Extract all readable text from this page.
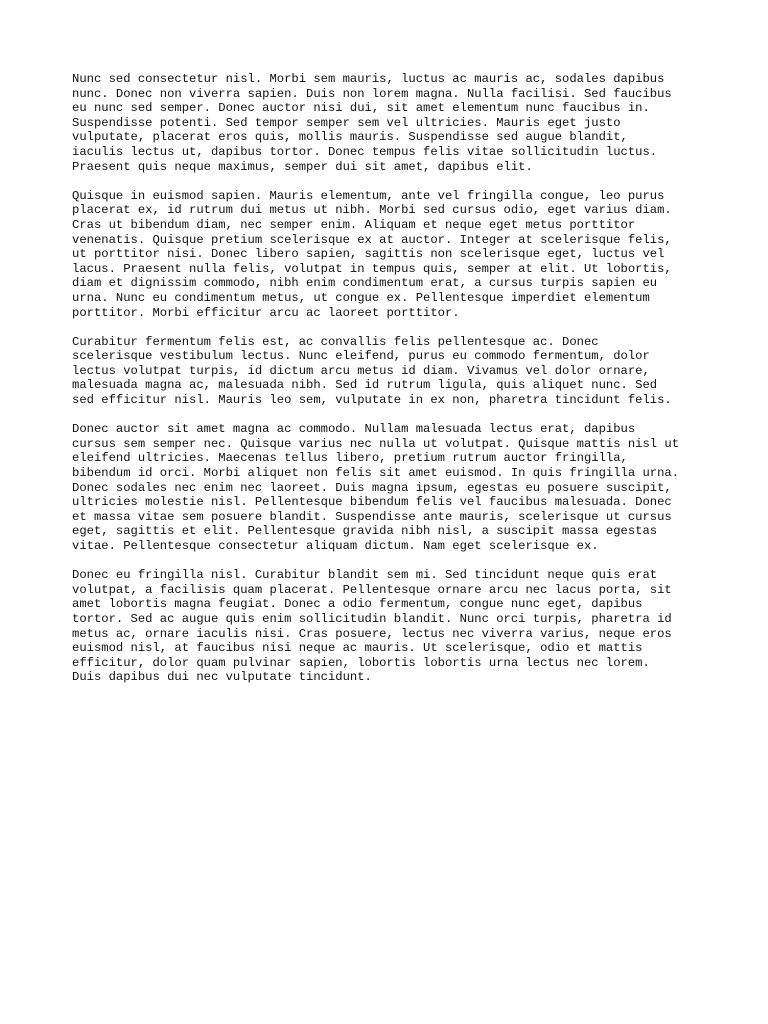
Nunc sed consectetur nisl. Morbi sem mauris, luctus ac mauris ac, sodales dapibus
nunc. Donec non viverra sapien. Duis non lorem magna. Nulla facilisi. Sed faucibus
eu nunc sed semper. Donec auctor nisi dui, sit amet elementum nunc faucibus in.
Suspendisse potenti. Sed tempor semper sem vel ultricies. Mauris eget justo
vulputate, placerat eros quis, mollis mauris. Suspendisse sed augue blandit,
iaculis lectus ut, dapibus tortor. Donec tempus felis vitae sollicitudin luctus.
Praesent quis neque maximus, semper dui sit amet, dapibus elit.

Quisque in euismod sapien. Mauris elementum, ante vel fringilla congue, leo purus
placerat ex, id rutrum dui metus ut nibh. Morbi sed cursus odio, eget varius diam.
Cras ut bibendum diam, nec semper enim. Aliquam et neque eget metus porttitor
venenatis. Quisque pretium scelerisque ex at auctor. Integer at scelerisque felis,
ut porttitor nisi. Donec libero sapien, sagittis non scelerisque eget, luctus vel
lacus. Praesent nulla felis, volutpat in tempus quis, semper at elit. Ut lobortis,
diam et dignissim commodo, nibh enim condimentum erat, a cursus turpis sapien eu
urna. Nunc eu condimentum metus, ut congue ex. Pellentesque imperdiet elementum
porttitor. Morbi efficitur arcu ac laoreet porttitor.

Curabitur fermentum felis est, ac convallis felis pellentesque ac. Donec
scelerisque vestibulum lectus. Nunc eleifend, purus eu commodo fermentum, dolor
lectus volutpat turpis, id dictum arcu metus id diam. Vivamus vel dolor ornare,
malesuada magna ac, malesuada nibh. Sed id rutrum ligula, quis aliquet nunc. Sed
sed efficitur nisl. Mauris leo sem, vulputate in ex non, pharetra tincidunt felis.

Donec auctor sit amet magna ac commodo. Nullam malesuada lectus erat, dapibus
cursus sem semper nec. Quisque varius nec nulla ut volutpat. Quisque mattis nisl ut
eleifend ultricies. Maecenas tellus libero, pretium rutrum auctor fringilla,
bibendum id orci. Morbi aliquet non felis sit amet euismod. In quis fringilla urna.
Donec sodales nec enim nec laoreet. Duis magna ipsum, egestas eu posuere suscipit,
ultricies molestie nisl. Pellentesque bibendum felis vel faucibus malesuada. Donec
et massa vitae sem posuere blandit. Suspendisse ante mauris, scelerisque ut cursus
eget, sagittis et elit. Pellentesque gravida nibh nisl, a suscipit massa egestas
vitae. Pellentesque consectetur aliquam dictum. Nam eget scelerisque ex.

Donec eu fringilla nisl. Curabitur blandit sem mi. Sed tincidunt neque quis erat
volutpat, a facilisis quam placerat. Pellentesque ornare arcu nec lacus porta, sit
amet lobortis magna feugiat. Donec a odio fermentum, congue nunc eget, dapibus
tortor. Sed ac augue quis enim sollicitudin blandit. Nunc orci turpis, pharetra id
metus ac, ornare iaculis nisi. Cras posuere, lectus nec viverra varius, neque eros
euismod nisl, at faucibus nisi neque ac mauris. Ut scelerisque, odio et mattis
efficitur, dolor quam pulvinar sapien, lobortis lobortis urna lectus nec lorem.
Duis dapibus dui nec vulputate tincidunt.
